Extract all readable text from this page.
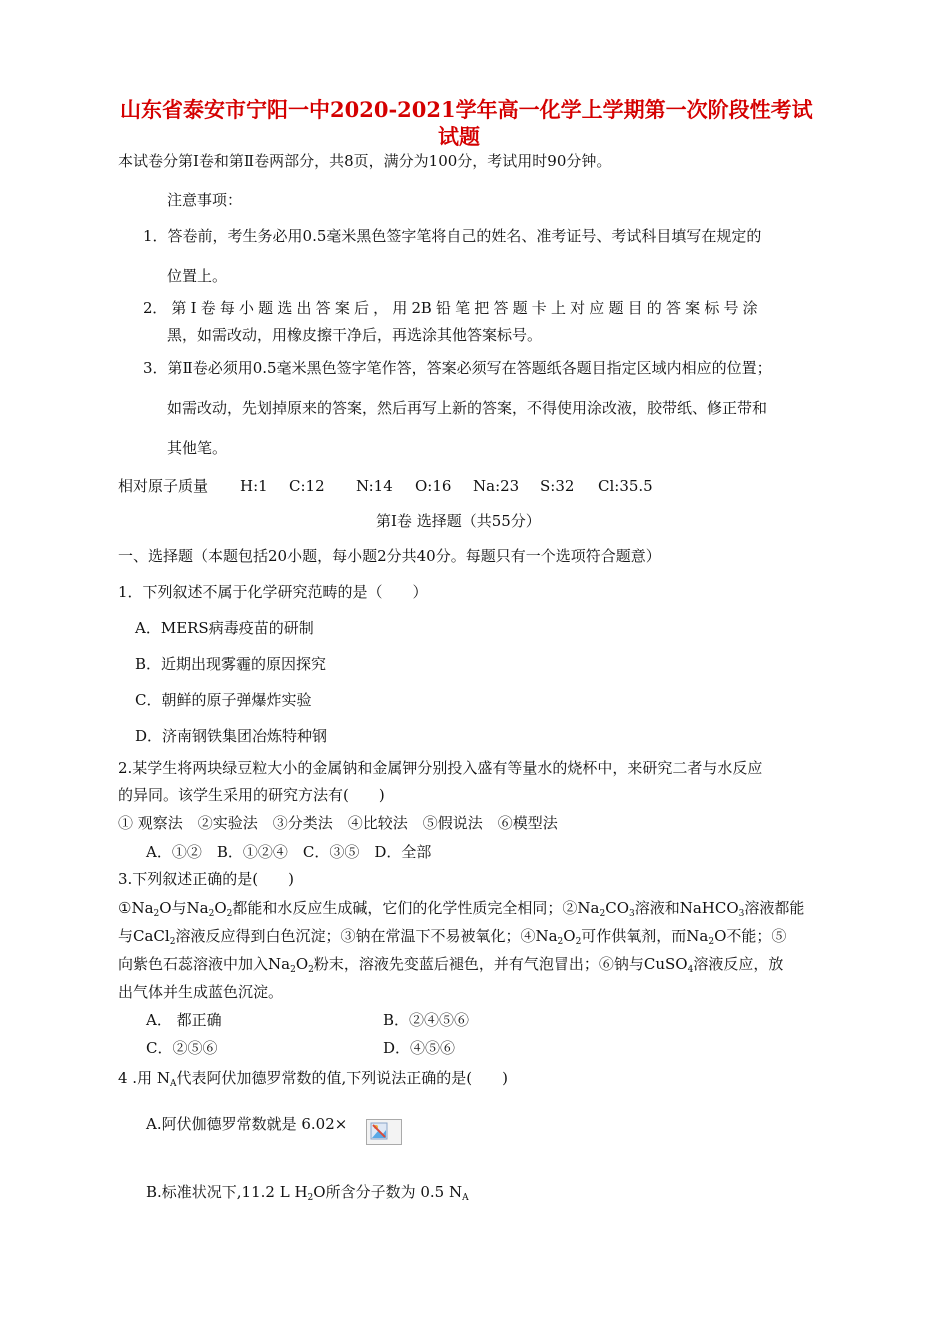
山东省泰安市宁阳一中2020-2021学年高一化学上学期第一次阶段性考试
试题
本试卷分第Ⅰ卷和第Ⅱ卷两部分，共8页，满分为100分，考试用时90分钟。
注意事项：
1．答卷前，考生务必用0.5毫米黑色签字笔将自己的姓名、准考证号、考试科目填写在规定的
位置上。
2． 第 Ⅰ 卷 每 小 题 选 出 答 案 后 ， 用 2B 铅 笔 把 答 题 卡 上 对 应 题 目 的 答 案 标 号 涂
黑，如需改动，用橡皮擦干净后，再选涂其他答案标号。
3．第Ⅱ卷必须用0.5毫米黑色签字笔作答，答案必须写在答题纸各题目指定区域内相应的位置；
如需改动，先划掉原来的答案，然后再写上新的答案，不得使用涂改液，胶带纸、修正带和
其他笔。
相对原子质量 H:1 C:12 N:14 O:16 Na:23 S:32 Cl:35.5
第Ⅰ卷 选择题（共55分）
一、选择题（本题包括20小题，每小题2分共40分。每题只有一个选项符合题意）
1．下列叙述不属于化学研究范畴的是（　　）
A．MERS病毒疫苗的研制
B．近期出现雾霾的原因探究
C．朝鲜的原子弹爆炸实验
D．济南钢铁集团冶炼特种钢
2.某学生将两块绿豆粒大小的金属钠和金属钾分别投入盛有等量水的烧杯中，来研究二者与水反应
的异同。该学生采用的研究方法有(　　)
① 观察法　②实验法　③分类法　④比较法　⑤假说法　⑥模型法
A．①②　B．①②④　C．③⑤　D．全部
3.下列叙述正确的是(　　)
$①Na_2O$与$Na_2O_2$都能和水反应生成碱，它们的化学性质完全相同；$②Na_2CO_3$溶液和NaHCO$_3$溶液都能
与CaCl$_2$溶液反应得到白色沉淀；③钠在常温下不易被氧化；$④Na_2O_2$可作供氧剂，而$Na_2O$不能；⑤
向紫色石蕊溶液中加入$Na_2O_2$粉末，溶液先变蓝后褪色，并有气泡冒出；⑥钠与CuSO$_4$溶液反应，放
出气体并生成蓝色沉淀。
A． 都正确	B．②④⑤⑥
C．②⑤⑥	D．④⑤⑥
4 .用 $N_A$代表阿伏加德罗常数的值,下列说法正确的是(　　)
A.阿伏伽德罗常数就是 6.02×
B.标准状况下,11.2 L $H_2O$所含分子数为 0.5 $N_A$
